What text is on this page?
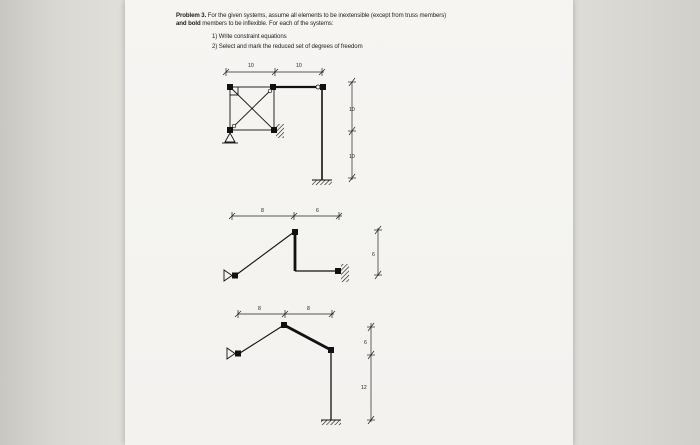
Problem 3. For the given systems, assume all elements to be inextensible (except from truss members)
and bold members to be inflexible. For each of the systems:
1) Write constraint equations
2) Select and mark the reduced set of degrees of freedom
10	10
10
10
8	6
6
8	8
6
12
